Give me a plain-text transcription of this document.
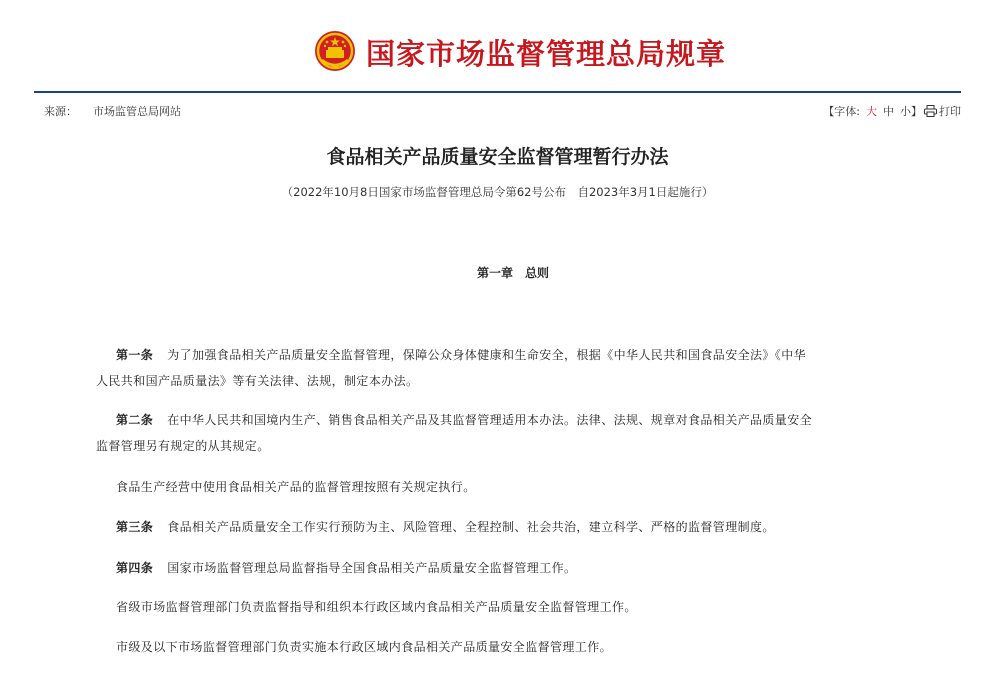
国家市场监督管理总局规章
来源： 市场监管总局网站	【字体: 大 中 小 】 打印
食品相关产品质量安全监督管理暂行办法
（2022年10月8日国家市场监督管理总局令第62号公布　自2023年3月1日起施行）
第一章　总则
第一条 为了加强食品相关产品质量安全监督管理，保障公众身体健康和生命安全，根据《中华人民共和国食品安全法》《中华
人民共和国产品质量法》等有关法律、法规，制定本办法。
第二条 在中华人民共和国境内生产、销售食品相关产品及其监督管理适用本办法。法律、法规、规章对食品相关产品质量安全
监督管理另有规定的从其规定。
食品生产经营中使用食品相关产品的监督管理按照有关规定执行。
第三条 食品相关产品质量安全工作实行预防为主、风险管理、全程控制、社会共治，建立科学、严格的监督管理制度。
第四条 国家市场监督管理总局监督指导全国食品相关产品质量安全监督管理工作。
省级市场监督管理部门负责监督指导和组织本行政区域内食品相关产品质量安全监督管理工作。
市级及以下市场监督管理部门负责实施本行政区域内食品相关产品质量安全监督管理工作。
